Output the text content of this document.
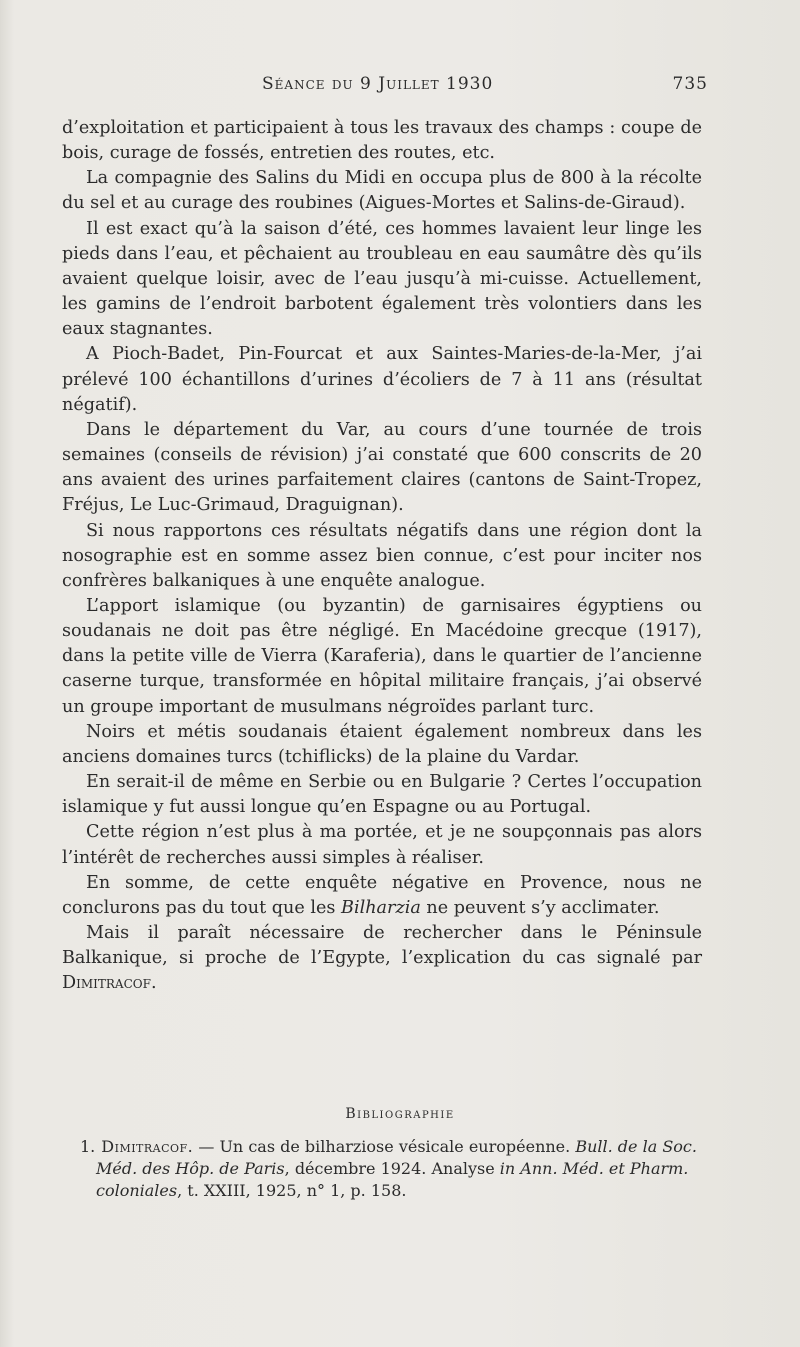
Séance du 9 Juillet 1930	735

d’exploitation et participaient à tous les travaux des champs : coupe de bois, curage de fossés, entretien des routes, etc.

La compagnie des Salins du Midi en occupa plus de 800 à la récolte du sel et au curage des roubines (Aigues-Mortes et Salins-de-Giraud).

Il est exact qu’à la saison d’été, ces hommes lavaient leur linge les pieds dans l’eau, et pêchaient au troubleau en eau saumâtre dès qu’ils avaient quelque loisir, avec de l’eau jusqu’à mi-cuisse. Actuellement, les gamins de l’endroit barbotent également très volontiers dans les eaux stagnantes.

A Pioch-Badet, Pin-Fourcat et aux Saintes-Maries-de-la-Mer, j’ai prélevé 100 échantillons d’urines d’écoliers de 7 à 11 ans (résultat négatif).

Dans le département du Var, au cours d’une tournée de trois semaines (conseils de révision) j’ai constaté que 600 conscrits de 20 ans avaient des urines parfaitement claires (cantons de Saint-Tropez, Fréjus, Le Luc-Grimaud, Draguignan).

Si nous rapportons ces résultats négatifs dans une région dont la nosographie est en somme assez bien connue, c’est pour inciter nos confrères balkaniques à une enquête analogue.

L’apport islamique (ou byzantin) de garnisaires égyptiens ou soudanais ne doit pas être négligé. En Macédoine grecque (1917), dans la petite ville de Vierra (Karaferia), dans le quartier de l’ancienne caserne turque, transformée en hôpital militaire français, j’ai observé un groupe important de musulmans négroïdes parlant turc.

Noirs et métis soudanais étaient également nombreux dans les anciens domaines turcs (tchiflicks) de la plaine du Vardar.

En serait-il de même en Serbie ou en Bulgarie ? Certes l’occupation islamique y fut aussi longue qu’en Espagne ou au Portugal.

Cette région n’est plus à ma portée, et je ne soupçonnais pas alors l’intérêt de recherches aussi simples à réaliser.

En somme, de cette enquête négative en Provence, nous ne conclurons pas du tout que les Bilharzia ne peuvent s’y acclimater.

Mais il paraît nécessaire de rechercher dans le Péninsule Balkanique, si proche de l’Egypte, l’explication du cas signalé par Dimitracof.

Bibliographie
1. Dimitracof. — Un cas de bilharziose vésicale européenne. Bull. de la Soc. Méd. des Hôp. de Paris, décembre 1924. Analyse in Ann. Méd. et Pharm. coloniales, t. XXIII, 1925, n° 1, p. 158.
